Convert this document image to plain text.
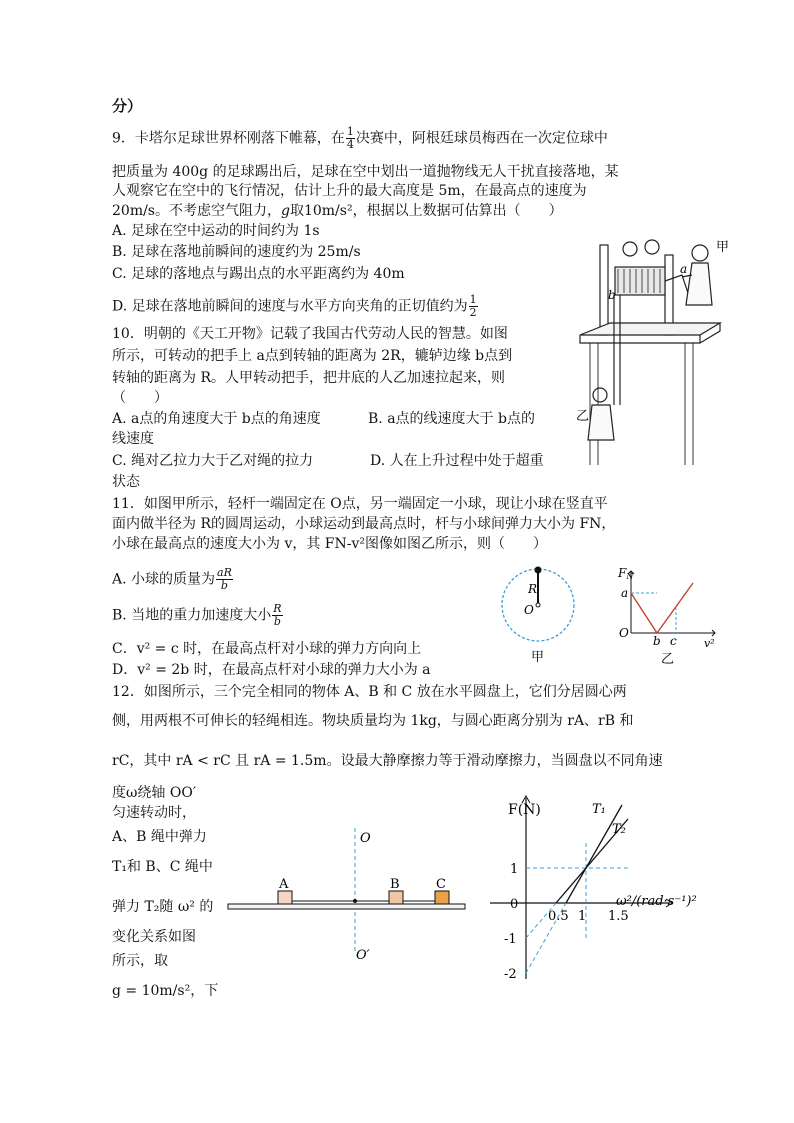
分）
9．卡塔尔足球世界杯刚落下帷幕，在 $\frac{1}{4}$ 决赛中，阿根廷球员梅西在一次定位球中
把质量为 400g 的足球踢出后，足球在空中划出一道抛物线无人干扰直接落地，某
人观察它在空中的飞行情况，估计上升的最大高度是 5m，在最高点的速度为
20m/s。不考虑空气阻力，g取10m/s²，根据以上数据可估算出（　　）
A. 足球在空中运动的时间约为 1s
B. 足球在落地前瞬间的速度约为 25m/s
C. 足球的落地点与踢出点的水平距离约为 40m
D. 足球在落地前瞬间的速度与水平方向夹角的正切值约为 $\frac{1}{2}$
10．明朝的《天工开物》记载了我国古代劳动人民的智慧。如图
所示，可转动的把手上 a点到转轴的距离为 2R，辘轳边缘 b点到
转轴的距离为 R。人甲转动把手，把井底的人乙加速拉起来，则
（　　）
A. a点的角速度大于 b点的角速度	B. a点的线速度大于 b点的
线速度
C. 绳对乙拉力大于乙对绳的拉力	D. 人在上升过程中处于超重
状态
甲
a
b
乙
11．如图甲所示，轻杆一端固定在 O点，另一端固定一小球，现让小球在竖直平
面内做半径为 R的圆周运动，小球运动到最高点时，杆与小球间弹力大小为 FN，
小球在最高点的速度大小为 v，其 FN-v²图像如图乙所示，则（　　）
A. 小球的质量为 $\frac{aR}{b}$
B. 当地的重力加速度大小 $\frac{R}{b}$
C．v² = c 时，在最高点杆对小球的弹力方向向上
D．v² = 2b 时，在最高点杆对小球的弹力大小为 a
R
O
甲
FN
a
O
b c v²
乙
12．如图所示，三个完全相同的物体 A、B 和 C 放在水平圆盘上，它们分居圆心两
侧，用两根不可伸长的轻绳相连。物块质量均为 1kg，与圆心距离分别为 rA、rB 和
rC，其中 rA < rC 且 rA = 1.5m。设最大静摩擦力等于滑动摩擦力，当圆盘以不同角速
度ω绕轴 OO′
匀速转动时，
A、B 绳中弹力
T₁和 B、C 绳中
弹力 T₂随 ω² 的
变化关系如图
所示，取
g = 10m/s²，下
O
O′
A	B	C
T₁
T₂
F(N)
ω²/(rad·s⁻¹)²
0.5 1 1.5
1
0
-1
-2
